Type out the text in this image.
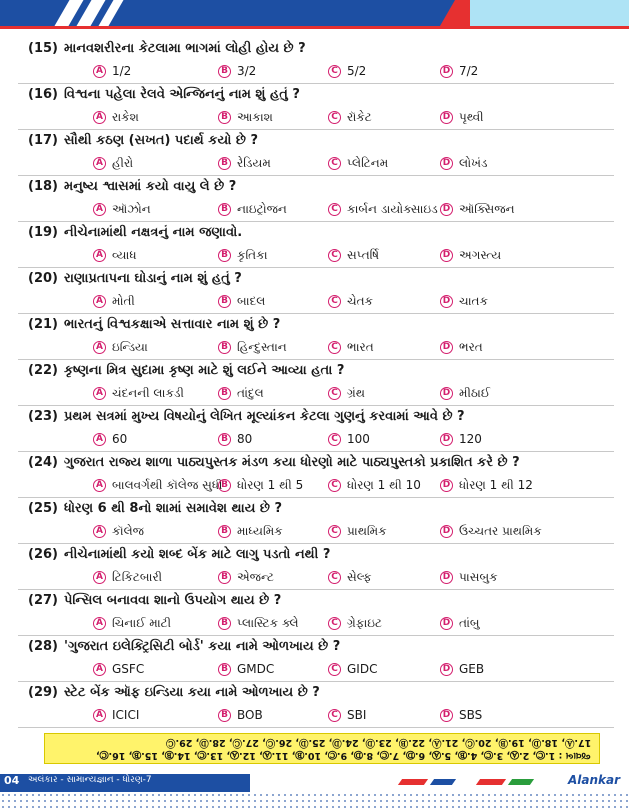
(15) માનવશરીરના કેટલામા ભાગમાં લોહી હોય છે ?
A 1/2	B 3/2	C 5/2	D 7/2
(16) વિશ્વના પહેલા રેલવે એન્જિનનું નામ શું હતું ?
A રાકેશ	B આકાશ	C રૉકેટ	D પૃથ્વી
(17) સૌથી કઠણ (સખત) પદાર્થ કયો છે ?
A હીરો	B રેડિયમ	C પ્લેટિનમ	D લોખંડ
(18) મનુષ્ય શ્વાસમાં કયો વાયુ લે છે ?
A ઑઝોન	B નાઇટ્રોજન	C કાર્બન ડાયોક્સાઇડ D ઑક્સિજન
(19) નીચેનામાંથી નક્ષત્રનું નામ જણાવો.
A વ્યાધ	B કૃતિકા	C સપ્તર્ષિ	D અગસ્ત્ય
(20) રાણાપ્રતાપના ઘોડાનું નામ શું હતું ?
A મોતી	B બાદલ	C ચેતક	D ચાતક
(21) ભારતનું વિશ્વકક્ષાએ સત્તાવાર નામ શું છે ?
A ઇન્ડિયા	B હિન્દુસ્તાન	C ભારત	D ભરત
(22) કૃષ્ણના મિત્ર સુદામા કૃષ્ણ માટે શું લઈને આવ્યા હતા ?
A ચંદનની લાકડી	B તાંદુલ	C ગ્રંથ	D મીઠાઈ
(23) પ્રથમ સત્રમાં મુખ્ય વિષયોનું લેખિત મૂલ્યાંકન કેટલા ગુણનું કરવામાં આવે છે ?
A 60	B 80	C 100	D 120
(24) ગુજરાત રાજ્ય શાળા પાઠ્યપુસ્તક મંડળ કયા ધોરણો માટે પાઠ્યપુસ્તકો પ્રકાશિત કરે છે ?
A બાલવર્ગથી કૉલેજ સુધી
B ધોરણ 1 થી 5	C ધોરણ 1 થી 10	D ધોરણ 1 થી 12
(25) ધોરણ 6 થી 8નો શામાં સમાવેશ થાય છે ?
A કૉલેજ	B માધ્યમિક	C પ્રાથમિક	D ઉચ્ચતર પ્રાથમિક
(26) નીચેનામાંથી કયો શબ્દ બેંક માટે લાગુ પડતો નથી ?
A ટિકિટબારી	B એજન્ટ	C સેલ્ફ	D પાસબુક
(27) પેન્સિલ બનાવવા શાનો ઉપયોગ થાય છે ?
A ચિનાઈ માટી	B પ્લાસ્ટિક ક્લે	C ગ્રેફાઇટ	D તાંબુ
(28) 'ગુજરાત ઇલેક્ટ્રિસિટી બોર્ડ' કયા નામે ઓળખાય છે ?
A GSFC	B GMDC	C GIDC	D GEB
(29) સ્ટેટ બેંક ઑફ ઇન્ડિયા કયા નામે ઓળખાય છે ?
A ICICI	B BOB	C SBI	D SBS
17.Ⓐ, 18.Ⓓ, 19.Ⓑ, 20.Ⓒ, 21.Ⓐ, 22.Ⓑ, 23.Ⓓ, 24.Ⓓ, 25.Ⓓ, 26.Ⓒ, 27.Ⓒ, 28.Ⓓ, 29.Ⓒ
જવાબ : 1.Ⓒ, 2.Ⓐ, 3.Ⓒ, 4.Ⓑ, 5.Ⓐ, 6.Ⓓ, 7.Ⓒ, 8.Ⓓ, 9.Ⓒ, 10.Ⓑ, 11.Ⓐ, 12.Ⓐ, 13.Ⓒ, 14.Ⓑ, 15.Ⓑ, 16.Ⓒ,
04 અલંકાર - સામાન્યજ્ઞાન - ધોરણ-7	Alankar
